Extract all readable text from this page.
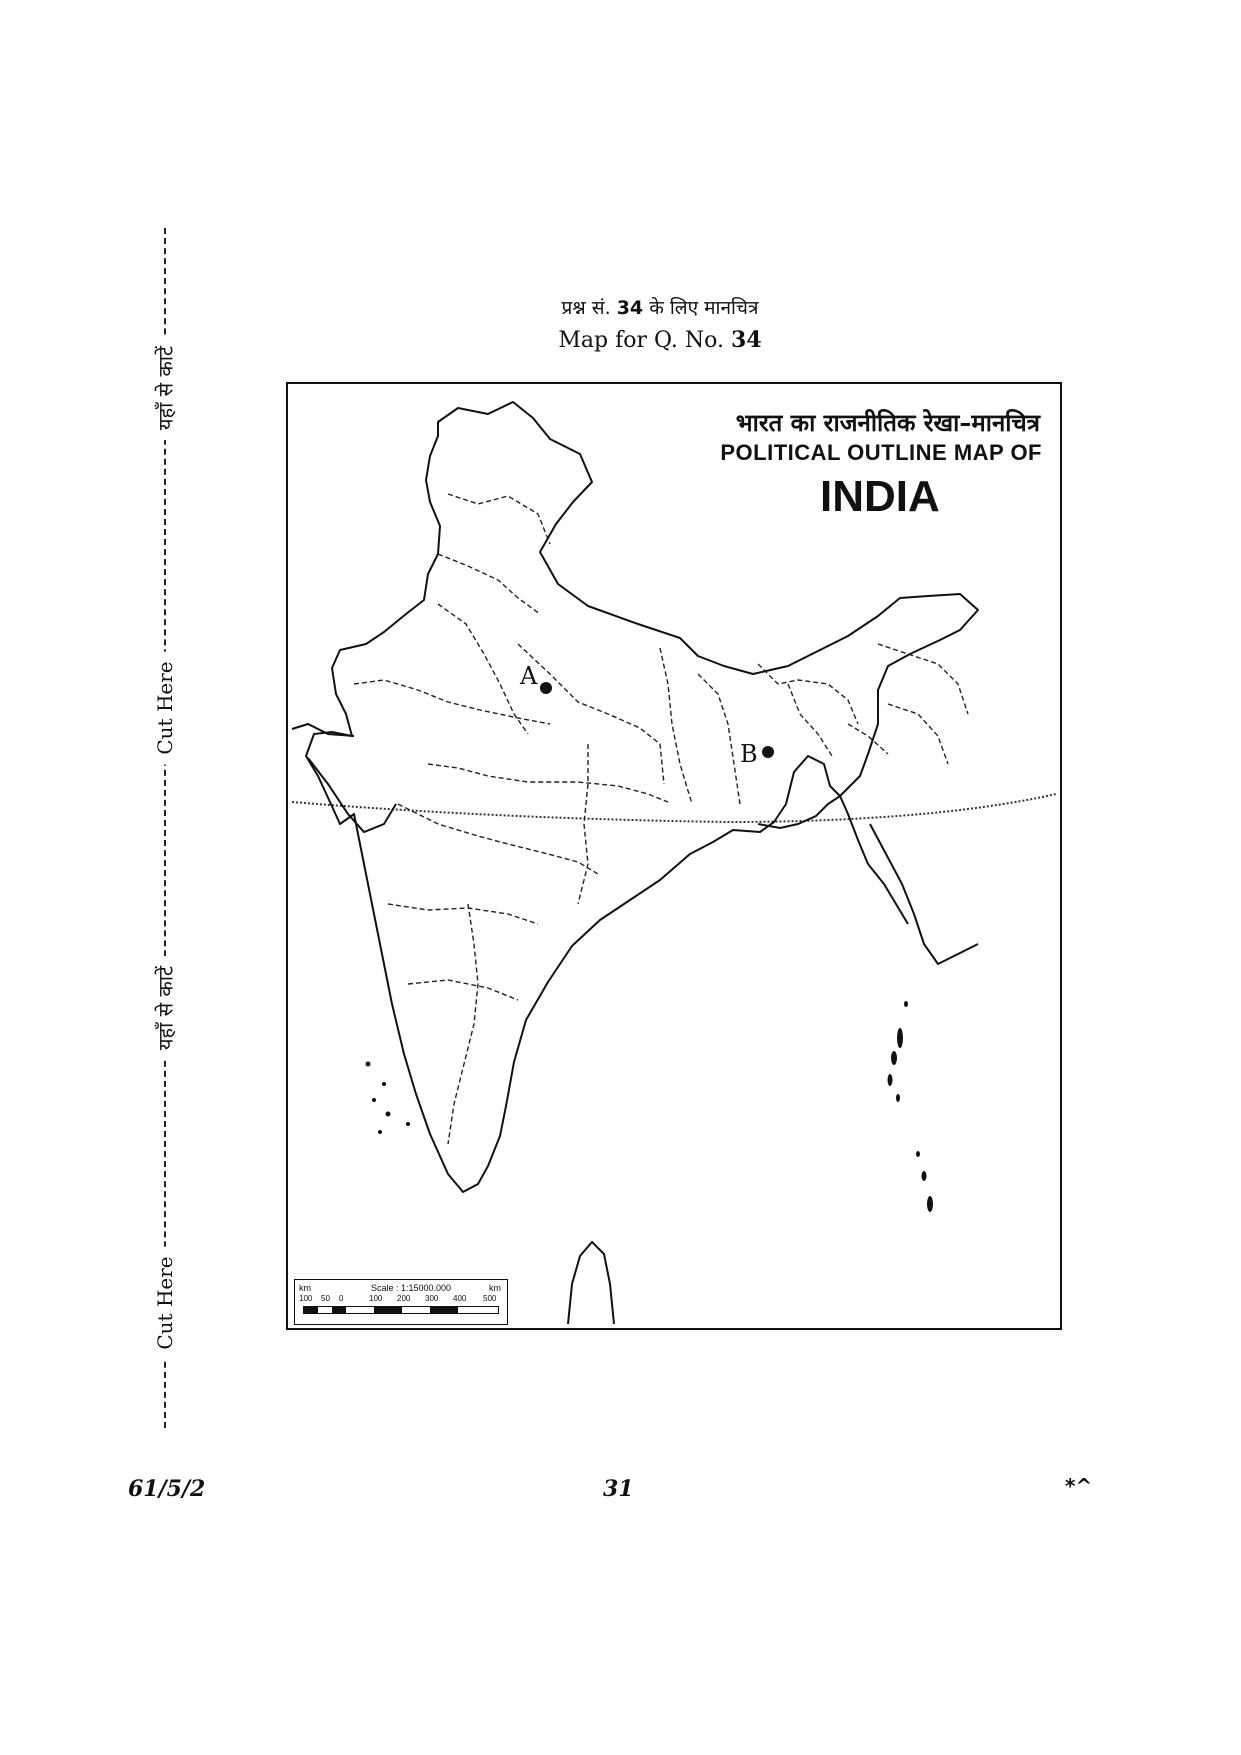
यहाँ से काटें
Cut Here
यहाँ से काटें
Cut Here
प्रश्न सं. 34 के लिए मानचित्र
Map for Q. No. 34
भारत का राजनीतिक रेखा–मानचित्र
POLITICAL OUTLINE MAP OF
INDIA
A
B
km	Scale : 1:15000.000	km
100 50 0	100 200 300 400 500
61/5/2	31	*^
